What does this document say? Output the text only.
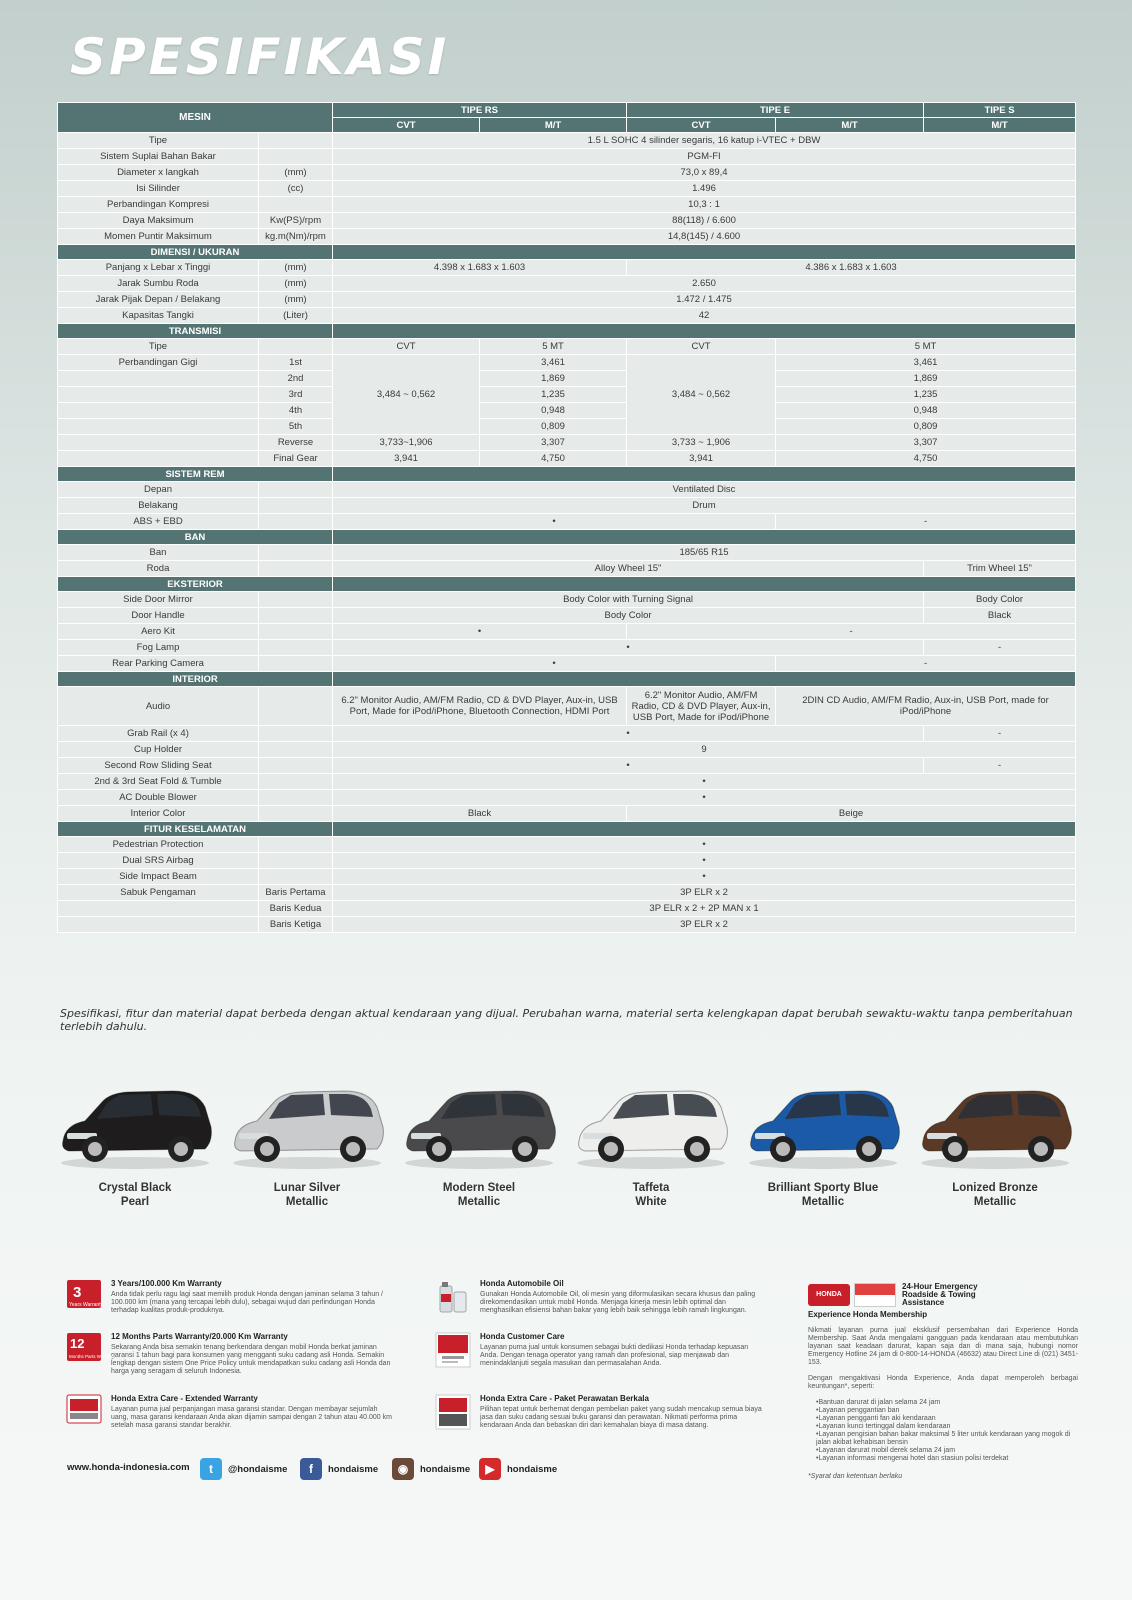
SPESIFIKASI
MESIN		TIPE RS		TIPE E		TIPE S
		CVT	M/T	CVT	M/T	M/T
Tipe		1.5 L SOHC 4 silinder segaris, 16 katup i-VTEC + DBW				
Sistem Suplai Bahan Bakar		PGM-FI				
Diameter x langkah	(mm)	73,0 x 89,4				
Isi Silinder	(cc)	1.496				
Perbandingan Kompresi		10,3 : 1				
Daya Maksimum	Kw(PS)/rpm	88(118) / 6.600				
Momen Puntir Maksimum	kg.m(Nm)/rpm	14,8(145) / 4.600				
DIMENSI / UKURAN						
Panjang x Lebar x Tinggi	(mm)	4.398 x 1.683 x 1.603		4.386 x 1.683 x 1.603		
Jarak Sumbu Roda	(mm)	2.650				
Jarak Pijak Depan / Belakang	(mm)	1.472 / 1.475				
Kapasitas Tangki	(Liter)	42				
TRANSMISI						
Tipe		CVT	5 MT	CVT	5 MT	
Perbandingan Gigi	1st	3,484 ~ 0,562	3,461	3,484 ~ 0,562	3,461	
	2nd		1,869		1,869	
	3rd		1,235		1,235	
	4th		0,948		0,948	
	5th		0,809		0,809	
	Reverse	3,733~1,906	3,307	3,733 ~ 1,906	3,307	
	Final Gear	3,941	4,750	3,941	4,750	
SISTEM REM						
Depan		Ventilated Disc				
Belakang		Drum				
ABS + EBD		•			-	
BAN						
Ban		185/65 R15				
Roda		Alloy Wheel 15"				Trim Wheel 15"
EKSTERIOR						
Side Door Mirror		Body Color with Turning Signal				Body Color
Door Handle		Body Color				Black
Aero Kit		•		-		
Fog Lamp		•				-
Rear Parking Camera		•			-	
INTERIOR						
Audio		6.2" Monitor Audio, AM/FM Radio, CD & DVD Player, Aux-in, USB Port, Made for iPod/iPhone, Bluetooth Connection, HDMI Port		6.2" Monitor Audio, AM/FM Radio, CD & DVD Player, Aux-in, USB Port, Made for iPod/iPhone	2DIN CD Audio, AM/FM Radio, Aux-in, USB Port, made for iPod/iPhone	
Grab Rail (x 4)		•				-
Cup Holder		9				
Second Row Sliding Seat		•				-
2nd & 3rd Seat Fold & Tumble		•				
AC Double Blower		•				
Interior Color		Black		Beige		
FITUR KESELAMATAN						
Pedestrian Protection		•				
Dual SRS Airbag		•				
Side Impact Beam		•				
Sabuk Pengaman	Baris Pertama	3P ELR x 2				
	Baris Kedua	3P ELR x 2 + 2P MAN x 1				
	Baris Ketiga	3P ELR x 2				
Spesifikasi, fitur dan material dapat berbeda dengan aktual kendaraan yang dijual. Perubahan warna, material serta kelengkapan dapat berubah sewaktu-waktu tanpa pemberitahuan terlebih dahulu.
Crystal Black
Pearl
Lunar Silver
Metallic
Modern Steel
Metallic
Taffeta
White
Brilliant Sporty Blue
Metallic
Lonized Bronze
Metallic
3
Years Warranty
3 Years/100.000 Km Warranty
Anda tidak perlu ragu lagi saat memilih produk Honda dengan jaminan selama 3 tahun / 100.000 km (mana yang tercapai lebih dulu), sebagai wujud dari perlindungan Honda terhadap kualitas produk-produknya.
12
Months Parts Warranty
12 Months Parts Warranty/20.000 Km Warranty
Sekarang Anda bisa semakin tenang berkendara dengan mobil Honda berkat jaminan garansi 1 tahun bagi para konsumen yang mengganti suku cadang asli Honda. Semakin lengkap dengan sistem One Price Policy untuk mendapatkan suku cadang asli Honda dan harga yang seragam di seluruh Indonesia.
Honda Extra Care - Extended Warranty
Layanan purna jual perpanjangan masa garansi standar. Dengan membayar sejumlah uang, masa garansi kendaraan Anda akan dijamin sampai dengan 2 tahun atau 40.000 km setelah masa garansi standar berakhir.
Honda Automobile Oil
Gunakan Honda Automobile Oil, oli mesin yang diformulasikan secara khusus dan paling direkomendasikan untuk mobil Honda. Menjaga kinerja mesin lebih optimal dan menghasilkan efisiensi bahan bakar yang lebih baik sehingga lebih ramah lingkungan.
Honda Customer Care
Layanan purna jual untuk konsumen sebagai bukti dedikasi Honda terhadap kepuasan Anda. Dengan tenaga operator yang ramah dan profesional, siap menjawab dan menindaklanjuti segala masukan dan permasalahan Anda.
Honda Extra Care - Paket Perawatan Berkala
Pilihan tepat untuk berhemat dengan pembelian paket yang sudah mencakup semua biaya jasa dan suku cadang sesuai buku garansi dan perawatan. Nikmati performa prima kendaraan Anda dan bebaskan diri dari kemahalan biaya di masa datang.
HONDA
24-Hour Emergency
Roadside & Towing
Assistance
Experience Honda Membership

Nikmati layanan purna jual eksklusif persembahan dari Experience Honda Membership. Saat Anda mengalami gangguan pada kendaraan atau membutuhkan layanan saat keadaan darurat, kapan saja dan di mana saja, hubungi nomor Emergency Hotline 24 jam di 0-800-14-HONDA (46632) atau Direct Line di (021) 3451-153.

Dengan mengaktivasi Honda Experience, Anda dapat memperoleh berbagai keuntungan*, seperti:

• Bantuan darurat di jalan selama 24 jam
• Layanan penggantian ban
• Layanan pengganti fan aki kendaraan
• Layanan kunci tertinggal dalam kendaraan
• Layanan pengisian bahan bakar maksimal 5 liter untuk kendaraan yang mogok di jalan akibat kehabisan bensin
• Layanan darurat mobil derek selama 24 jam
• Layanan informasi mengenai hotel dan stasiun polisi terdekat
*Syarat dan ketentuan berlaku
www.honda-indonesia.com	t	@hondaisme	f	hondaisme	◉	hondaisme	▶	hondaisme
